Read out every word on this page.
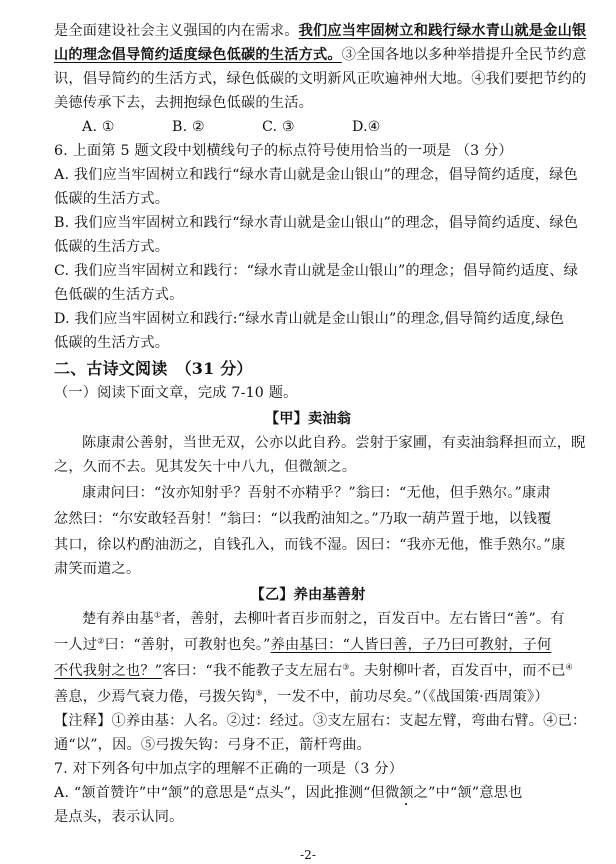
是全面建设社会主义强国的内在需求。我们应当牢固树立和践行绿水青山就是金山银
山的理念倡导简约适度绿色低碳的生活方式。③全国各地以多种举措提升全民节约意
识，倡导简约的生活方式，绿色低碳的文明新风正吹遍神州大地。④我们要把节约的
美德传承下去，去拥抱绿色低碳的生活。
A. ①	B. ②	C. ③	D.④
6. 上面第 5 题文段中划横线句子的标点符号使用恰当的一项是 （3 分）
A. 我们应当牢固树立和践行“绿水青山就是金山银山”的理念，倡导简约适度，绿色
低碳的生活方式。
B. 我们应当牢固树立和践行“绿水青山就是金山银山”的理念，倡导简约适度、绿色
低碳的生活方式。
C. 我们应当牢固树立和践行：“绿水青山就是金山银山”的理念；倡导简约适度、绿
色低碳的生活方式。
D. 我们应当牢固树立和践行:“绿水青山就是金山银山”的理念,倡导简约适度,绿色
低碳的生活方式。
二、古诗文阅读　（31 分）
（一）阅读下面文章，完成 7-10 题。
【甲】卖油翁
陈康肃公善射，当世无双，公亦以此自矜。尝射于家圃，有卖油翁释担而立，睨
之，久而不去。见其发矢十中八九，但微颔之。
康肃问曰：“汝亦知射乎？吾射不亦精乎？”翁曰：“无他，但手熟尔。”康肃
忿然曰：“尔安敢轻吾射！”翁曰：“以我酌油知之。”乃取一葫芦置于地，以钱覆
其口，徐以杓酌油沥之，自钱孔入，而钱不湿。因曰：“我亦无他，惟手熟尔。”康
肃笑而遣之。
【乙】养由基善射
楚有养由基①者，善射，去柳叶者百步而射之，百发百中。左右皆曰“善”。有
一人过②曰：“善射，可教射也矣。”养由基曰：“人皆曰善，子乃曰可教射，子何
不代我射之也？”客曰：“我不能教子支左屈右③。夫射柳叶者，百发百中，而不已④
善息，少焉气衰力倦，弓拨矢钩⑤，一发不中，前功尽矣。”（《战国策·西周策》）
【注释】①养由基：人名。②过：经过。③支左屈右：支起左臂，弯曲右臂。④已：
通“以”，因。⑤弓拨矢钩：弓身不正，箭杆弯曲。
7. 对下列各句中加点字的理解不正确的一项是（3 分）
A. “颔首赞许”中“颔”的意思是“点头”，因此推测“但微颔之”中“颔”意思也
是点头，表示认同。
-2-
